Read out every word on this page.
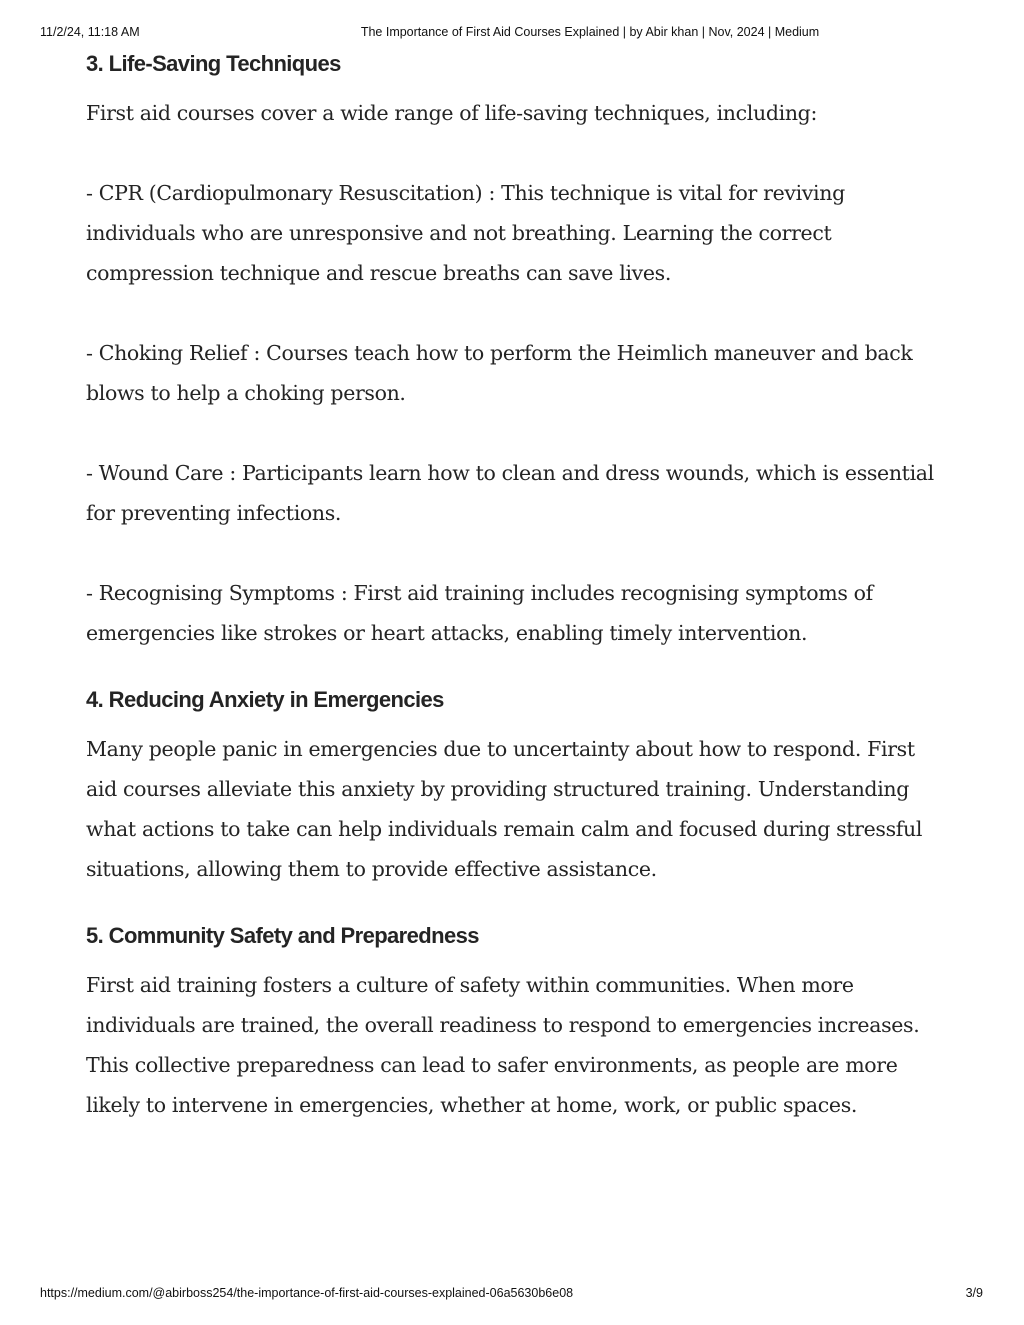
11/2/24, 11:18 AM	The Importance of First Aid Courses Explained | by Abir khan | Nov, 2024 | Medium
3. Life-Saving Techniques

First aid courses cover a wide range of life-saving techniques, including:

- CPR (Cardiopulmonary Resuscitation) : This technique is vital for reviving individuals who are unresponsive and not breathing. Learning the correct compression technique and rescue breaths can save lives.

- Choking Relief : Courses teach how to perform the Heimlich maneuver and back blows to help a choking person.

- Wound Care : Participants learn how to clean and dress wounds, which is essential for preventing infections.

- Recognising Symptoms : First aid training includes recognising symptoms of emergencies like strokes or heart attacks, enabling timely intervention.

4. Reducing Anxiety in Emergencies

Many people panic in emergencies due to uncertainty about how to respond. First aid courses alleviate this anxiety by providing structured training. Understanding what actions to take can help individuals remain calm and focused during stressful situations, allowing them to provide effective assistance.

5. Community Safety and Preparedness

First aid training fosters a culture of safety within communities. When more individuals are trained, the overall readiness to respond to emergencies increases. This collective preparedness can lead to safer environments, as people are more likely to intervene in emergencies, whether at home, work, or public spaces.

https://medium.com/@abirboss254/the-importance-of-first-aid-courses-explained-06a5630b6e08	3/9
